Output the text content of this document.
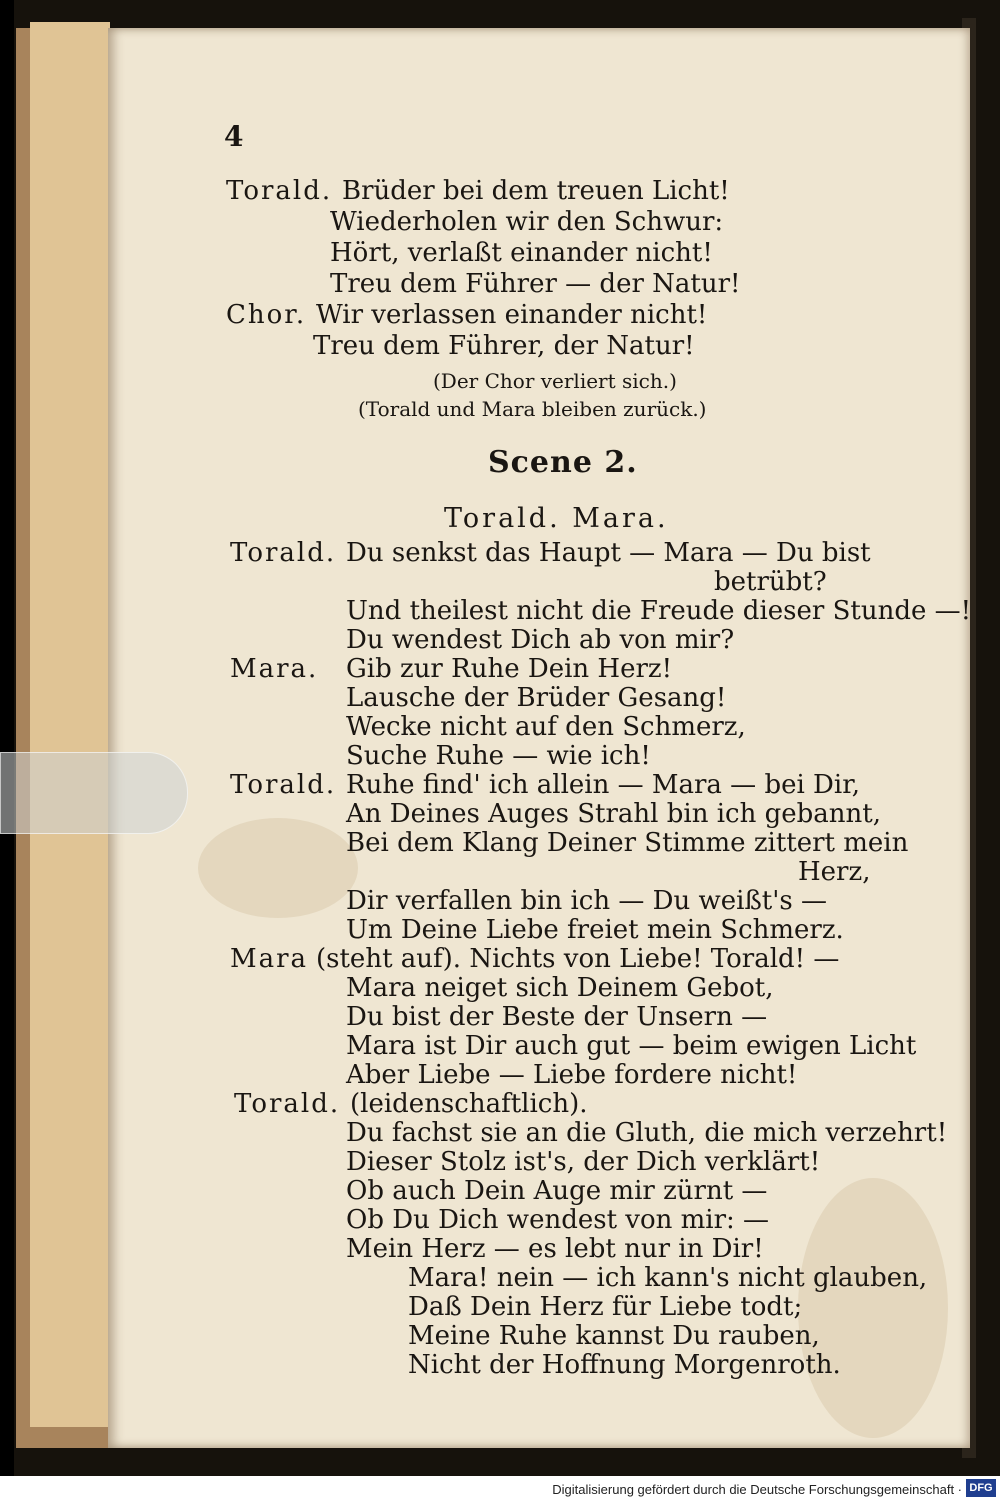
4
Torald. Brüder bei dem treuen Licht!
Wiederholen wir den Schwur:
Hört, verlaßt einander nicht!
Treu dem Führer — der Natur!
Chor. Wir verlassen einander nicht!
Treu dem Führer, der Natur!
(Der Chor verliert sich.)
(Torald und Mara bleiben zurück.)
Scene 2.
Torald. Mara.
Torald. Du senkst das Haupt — Mara — Du bist
betrübt?
Und theilest nicht die Freude dieser Stunde —!
Du wendest Dich ab von mir?
Mara. Gib zur Ruhe Dein Herz!
Lausche der Brüder Gesang!
Wecke nicht auf den Schmerz,
Suche Ruhe — wie ich!
Torald. Ruhe find' ich allein — Mara — bei Dir,
An Deines Auges Strahl bin ich gebannt,
Bei dem Klang Deiner Stimme zittert mein
Herz,
Dir verfallen bin ich — Du weißt's —
Um Deine Liebe freiet mein Schmerz.
Mara (steht auf). Nichts von Liebe! Torald! —
Mara neiget sich Deinem Gebot,
Du bist der Beste der Unsern —
Mara ist Dir auch gut — beim ewigen Licht
Aber Liebe — Liebe fordere nicht!
Torald. (leidenschaftlich).
Du fachst sie an die Gluth, die mich verzehrt!
Dieser Stolz ist's, der Dich verklärt!
Ob auch Dein Auge mir zürnt —
Ob Du Dich wendest von mir: —
Mein Herz — es lebt nur in Dir!
Mara! nein — ich kann's nicht glauben,
Daß Dein Herz für Liebe todt;
Meine Ruhe kannst Du rauben,
Nicht der Hoffnung Morgenroth.
Digitalisierung gefördert durch die Deutsche Forschungsgemeinschaft · DFG
